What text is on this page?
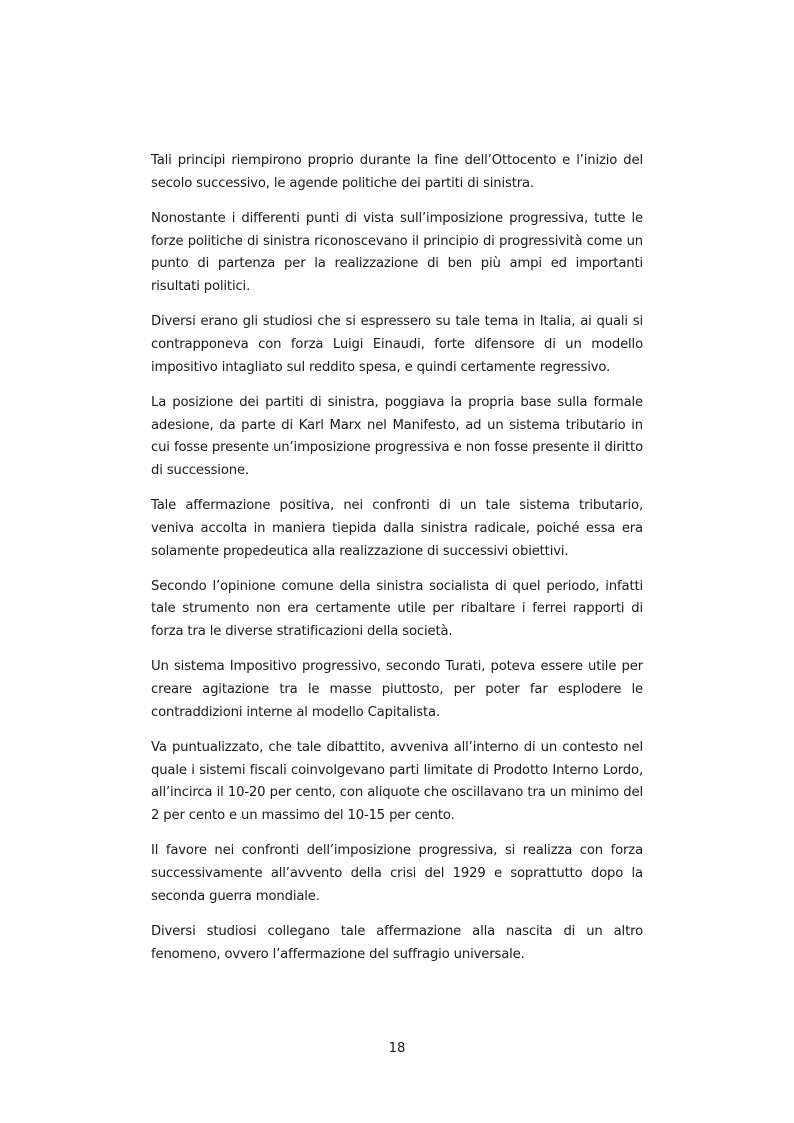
Tali principi riempirono proprio durante la fine dell’Ottocento e l’inizio del secolo successivo, le agende politiche dei partiti di sinistra.

Nonostante i differenti punti di vista sull’imposizione progressiva, tutte le forze politiche di sinistra riconoscevano il principio di progressività come un punto di partenza per la realizzazione di ben più ampi ed importanti risultati politici.

Diversi erano gli studiosi che si espressero su tale tema in Italia, ai quali si contrapponeva con forza Luigi Einaudi, forte difensore di un modello impositivo intagliato sul reddito spesa, e quindi certamente regressivo.

La posizione dei partiti di sinistra, poggiava la propria base sulla formale adesione, da parte di Karl Marx nel Manifesto, ad un sistema tributario in cui fosse presente un’imposizione progressiva e non fosse presente il diritto di successione.

Tale affermazione positiva, nei confronti di un tale sistema tributario, veniva accolta in maniera tiepida dalla sinistra radicale, poiché essa era solamente propedeutica alla realizzazione di successivi obiettivi.

Secondo l’opinione comune della sinistra socialista di quel periodo, infatti tale strumento non era certamente utile per ribaltare i ferrei rapporti di forza tra le diverse stratificazioni della società.

Un sistema Impositivo progressivo, secondo Turati, poteva essere utile per creare agitazione tra le masse piuttosto, per poter far esplodere le contraddizioni interne al modello Capitalista.

Va puntualizzato, che tale dibattito, avveniva all’interno di un contesto nel quale i sistemi fiscali coinvolgevano parti limitate di Prodotto Interno Lordo, all’incirca il 10-20 per cento, con aliquote che oscillavano tra un minimo del 2 per cento e un massimo del 10-15 per cento.

Il favore nei confronti dell’imposizione progressiva, si realizza con forza successivamente all’avvento della crisi del 1929 e soprattutto dopo la seconda guerra mondiale.

Diversi studiosi collegano tale affermazione alla nascita di un altro fenomeno, ovvero l’affermazione del suffragio universale.

18
